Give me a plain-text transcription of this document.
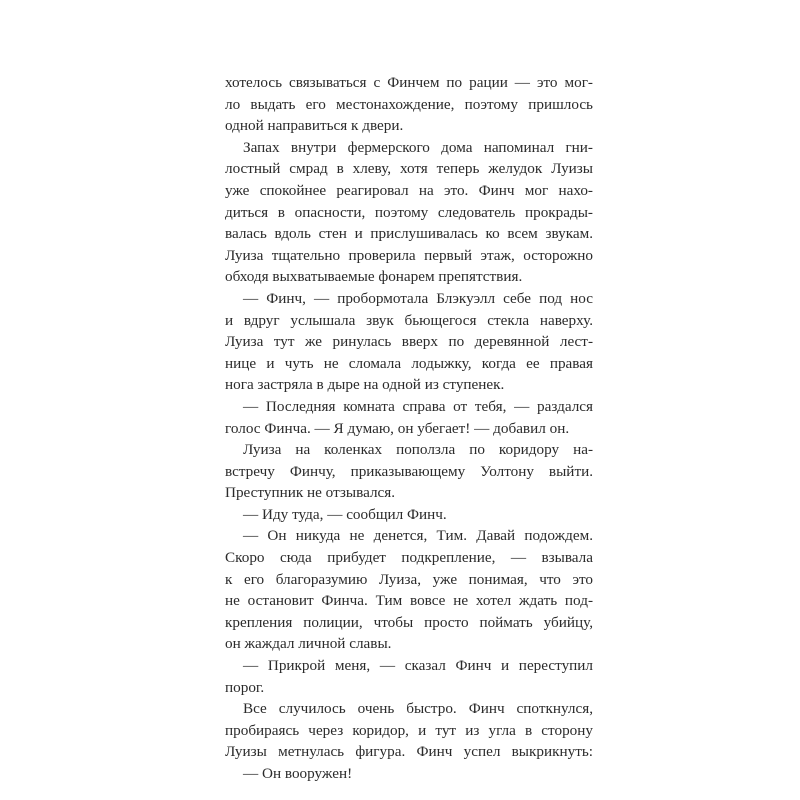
хотелось связываться с Финчем по рации — это мог-
ло выдать его местонахождение, поэтому пришлось
одной направиться к двери.
Запах внутри фермерского дома напоминал гни-
лостный смрад в хлеву, хотя теперь желудок Луизы
уже спокойнее реагировал на это. Финч мог нахо-
диться в опасности, поэтому следователь прокрады-
валась вдоль стен и прислушивалась ко всем звукам.
Луиза тщательно проверила первый этаж, осторожно
обходя выхватываемые фонарем препятствия.
— Финч, — пробормотала Блэкуэлл себе под нос
и вдруг услышала звук бьющегося стекла наверху.
Луиза тут же ринулась вверх по деревянной лест-
нице и чуть не сломала лодыжку, когда ее правая
нога застряла в дыре на одной из ступенек.
— Последняя комната справа от тебя, — раздался
голос Финча. — Я думаю, он убегает! — добавил он.
Луиза на коленках поползла по коридору на-
встречу Финчу, приказывающему Уолтону выйти.
Преступник не отзывался.
— Иду туда, — сообщил Финч.
— Он никуда не денется, Тим. Давай подождем.
Скоро сюда прибудет подкрепление, — взывала
к его благоразумию Луиза, уже понимая, что это
не остановит Финча. Тим вовсе не хотел ждать под-
крепления полиции, чтобы просто поймать убийцу,
он жаждал личной славы.
— Прикрой меня, — сказал Финч и переступил
порог.
Все случилось очень быстро. Финч споткнулся,
пробираясь через коридор, и тут из угла в сторону
Луизы метнулась фигура. Финч успел выкрикнуть:
— Он вооружен!
